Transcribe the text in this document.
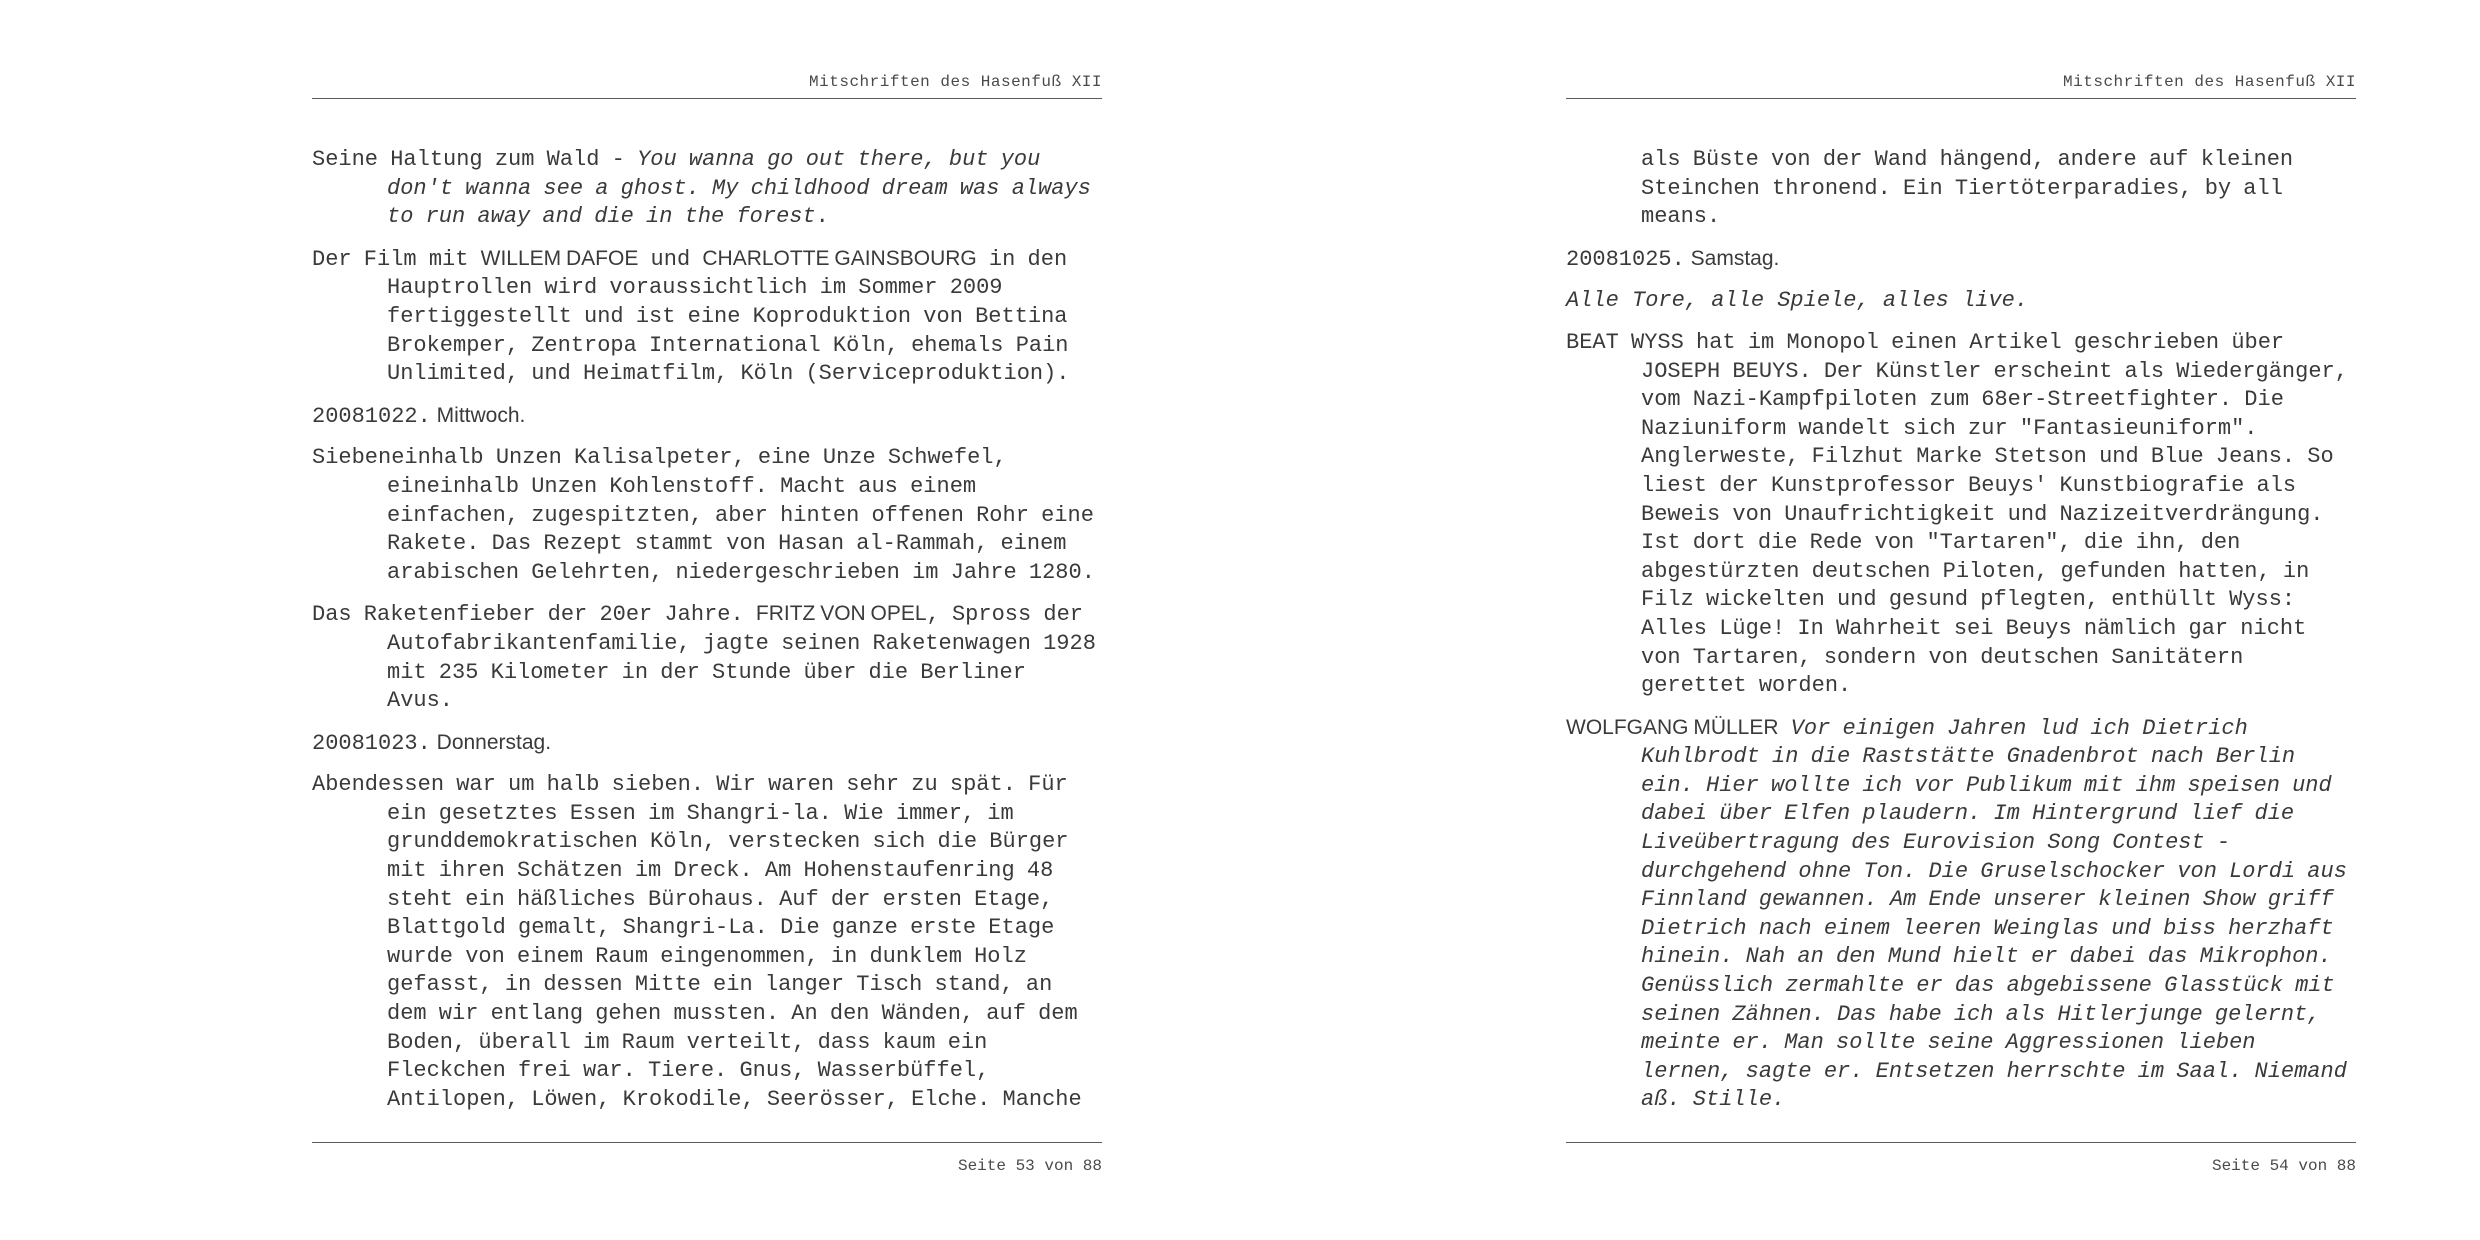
Mitschriften des Hasenfuß XII

Seine Haltung zum Wald - You wanna go out there, but you don't wanna see a ghost. My childhood dream was always to run away and die in the forest.

Der Film mit WILLEM DAFOE und CHARLOTTE GAINSBOURG in den Hauptrollen wird voraussichtlich im Sommer 2009 fertiggestellt und ist eine Koproduktion von Bettina Brokemper, Zentropa International Köln, ehemals Pain Unlimited, und Heimatfilm, Köln (Serviceproduktion).

20081022. Mittwoch.

Siebeneinhalb Unzen Kalisalpeter, eine Unze Schwefel, eineinhalb Unzen Kohlenstoff. Macht aus einem einfachen, zugespitzten, aber hinten offenen Rohr eine Rakete. Das Rezept stammt von Hasan al-Rammah, einem arabischen Gelehrten, niedergeschrieben im Jahre 1280.

Das Raketenfieber der 20er Jahre. FRITZ VON OPEL, Spross der Autofabrikantenfamilie, jagte seinen Raketenwagen 1928 mit 235 Kilometer in der Stunde über die Berliner Avus.

20081023. Donnerstag.

Abendessen war um halb sieben. Wir waren sehr zu spät. Für ein gesetztes Essen im Shangri-la. Wie immer, im grunddemokratischen Köln, verstecken sich die Bürger mit ihren Schätzen im Dreck. Am Hohenstaufenring 48 steht ein häßliches Bürohaus. Auf der ersten Etage, Blattgold gemalt, Shangri-La. Die ganze erste Etage wurde von einem Raum eingenommen, in dunklem Holz gefasst, in dessen Mitte ein langer Tisch stand, an dem wir entlang gehen mussten. An den Wänden, auf dem Boden, überall im Raum verteilt, dass kaum ein Fleckchen frei war. Tiere. Gnus, Wasserbüffel, Antilopen, Löwen, Krokodile, Seerösser, Elche. Manche

Seite 53 von 88
Mitschriften des Hasenfuß XII

als Büste von der Wand hängend, andere auf kleinen Steinchen thronend. Ein Tiertöterparadies, by all means.

20081025. Samstag.

Alle Tore, alle Spiele, alles live.

BEAT WYSS hat im Monopol einen Artikel geschrieben über JOSEPH BEUYS. Der Künstler erscheint als Wiedergänger, vom Nazi-Kampfpiloten zum 68er-Streetfighter. Die Naziuniform wandelt sich zur "Fantasieuniform". Anglerweste, Filzhut Marke Stetson und Blue Jeans. So liest der Kunstprofessor Beuys' Kunstbiografie als Beweis von Unaufrichtigkeit und Nazizeitverdrängung. Ist dort die Rede von "Tartaren", die ihn, den abgestürzten deutschen Piloten, gefunden hatten, in Filz wickelten und gesund pflegten, enthüllt Wyss: Alles Lüge! In Wahrheit sei Beuys nämlich gar nicht von Tartaren, sondern von deutschen Sanitätern gerettet worden.

WOLFGANG MÜLLER Vor einigen Jahren lud ich Dietrich Kuhlbrodt in die Raststätte Gnadenbrot nach Berlin ein. Hier wollte ich vor Publikum mit ihm speisen und dabei über Elfen plaudern. Im Hintergrund lief die Liveübertragung des Eurovision Song Contest - durchgehend ohne Ton. Die Gruselschocker von Lordi aus Finnland gewannen. Am Ende unserer kleinen Show griff Dietrich nach einem leeren Weinglas und biss herzhaft hinein. Nah an den Mund hielt er dabei das Mikrophon. Genüsslich zermahlte er das abgebissene Glasstück mit seinen Zähnen. Das habe ich als Hitlerjunge gelernt, meinte er. Man sollte seine Aggressionen lieben lernen, sagte er. Entsetzen herrschte im Saal. Niemand aß. Stille.

Seite 54 von 88
